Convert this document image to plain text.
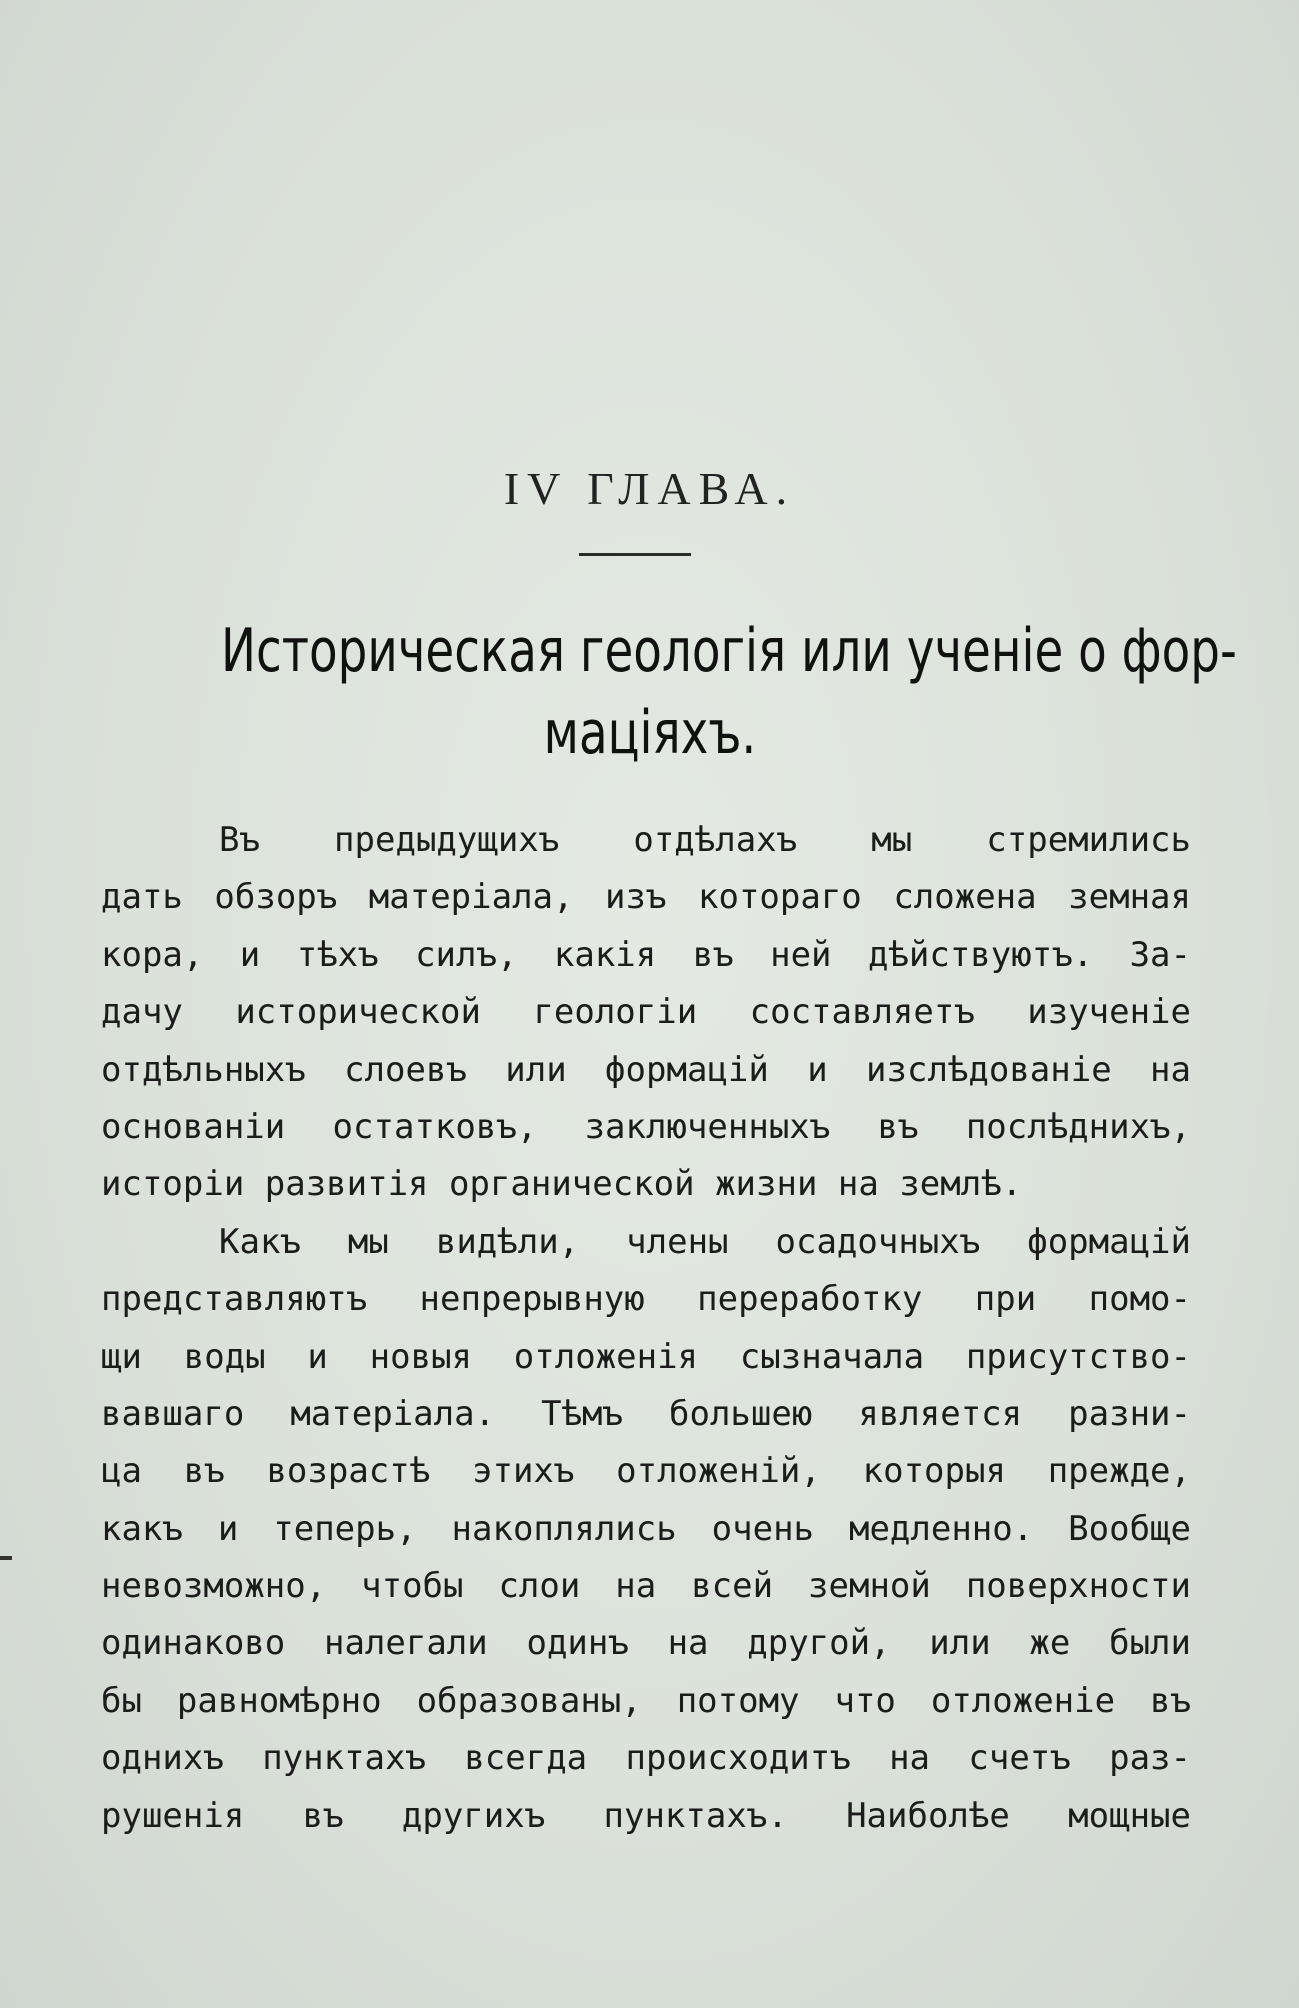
IV ГЛАВА.
Историческая геологія или ученіе о фор-
маціяхъ.
Въ предыдущихъ отдѣлахъ мы стремились
дать обзоръ матеріала, изъ котораго сложена земная
кора, и тѣхъ силъ, какія въ ней дѣйствуютъ. За-
дачу исторической геологіи составляетъ изученіе
отдѣльныхъ слоевъ или формацій и изслѣдованіе на
основаніи остатковъ, заключенныхъ въ послѣднихъ,
исторіи развитія органической жизни на землѣ.
Какъ мы видѣли, члены осадочныхъ формацій
представляютъ непрерывную переработку при помо-
щи воды и новыя отложенія сызначала присутство-
вавшаго матеріала. Тѣмъ большею является разни-
ца въ возрастѣ этихъ отложеній, которыя прежде,
какъ и теперь, накоплялись очень медленно. Вообще
невозможно, чтобы слои на всей земной поверхности
одинаково налегали одинъ на другой, или же были
бы равномѣрно образованы, потому что отложеніе въ
однихъ пунктахъ всегда происходитъ на счетъ раз-
рушенія въ другихъ пунктахъ. Наиболѣе мощные
